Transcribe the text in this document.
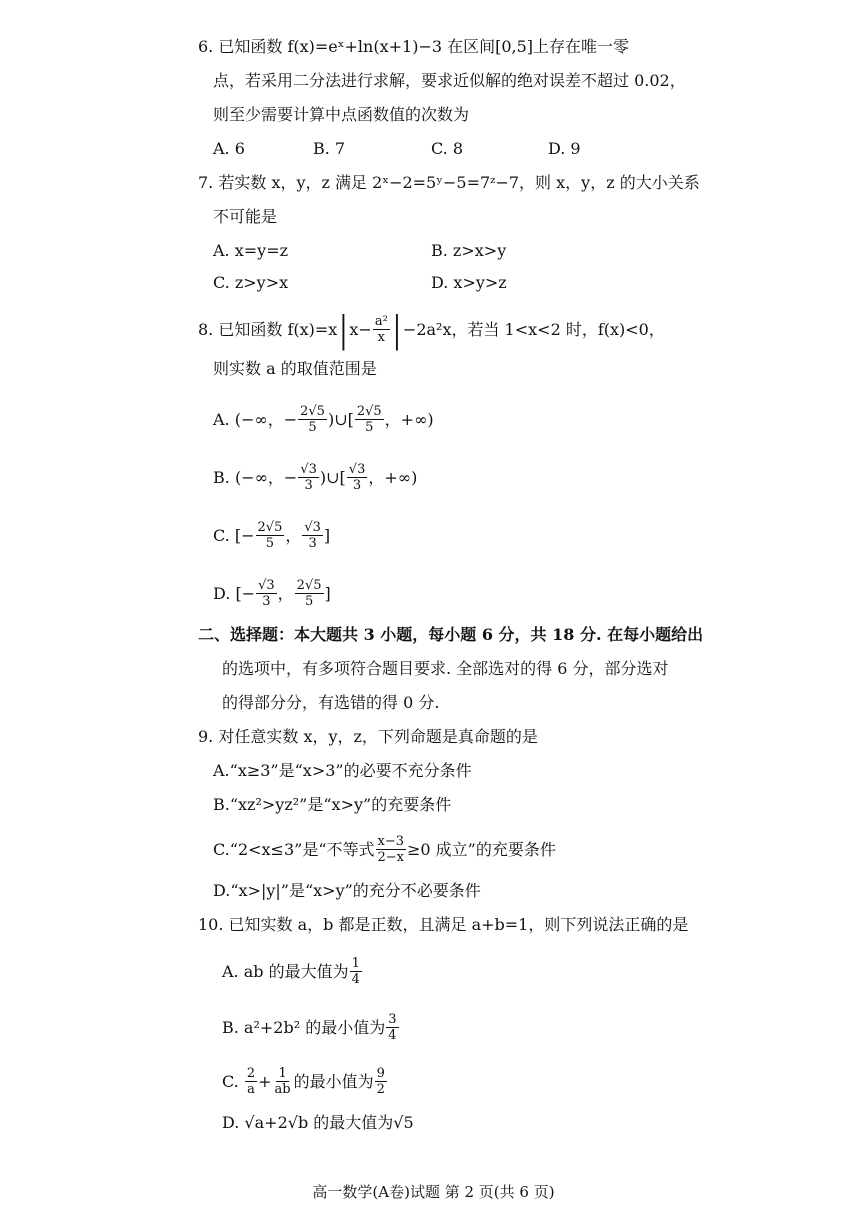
6. 已知函数 f(x)=eˣ+ln(x+1)−3 在区间[0,5]上存在唯一零
点，若采用二分法进行求解，要求近似解的绝对误差不超过 0.02，
则至少需要计算中点函数值的次数为
A. 6	B. 7	C. 8	D. 9
7. 若实数 x，y，z 满足 2ˣ−2=5ʸ−5=7ᶻ−7，则 x，y，z 的大小关系
不可能是
A. x=y=z	B. z>x>y
C. z>y>x	D. x>y>z
8. 已知函数 f(x)=x | $x- \frac{\text{a²}}{x}$ | −2a²x，若当 1<x<2 时，f(x)<0，
则实数 a 的取值范围是
A.
(−∞，− $\frac{2√5}{5}$ )∪[ $\frac{2√5}{5}$ ，+∞)
B.
(−∞，− $\frac{√3}{3}$ )∪[ $\frac{√3}{3}$ ，+∞)
C.
[− $\frac{2√5}{5}$ ， $\frac{√3}{3}$ ]
D.
[− $\frac{√3}{3}$ ， $\frac{2√5}{5}$ ]
二、选择题：本大题共 3 小题，每小题 6 分，共 18 分. 在每小题给出
的选项中，有多项符合题目要求. 全部选对的得 6 分，部分选对
的得部分分，有选错的得 0 分.
9. 对任意实数 x，y，z，下列命题是真命题的是
A.“x≥3”是“x>3”的必要不充分条件
B.“xz²>yz²”是“x>y”的充要条件
C.“2<x≤3”是“不等式 $\frac{x-3}{2-x} \ge 0$ 成立”的充要条件
D.“x>|y|”是“x>y”的充分不必要条件
10. 已知实数 a，b 都是正数，且满足 a+b=1，则下列说法正确的是
A. ab 的最大值为 $\frac{1}{4}$
B. a²+2b² 的最小值为 $\frac{3}{4}$
C.
$\frac{2}{a} + \frac{1}{ab}$ 的最小值为 $\frac{9}{2}$
D. √a+2√b 的最大值为√5
高一数学(A卷)试题 第 2 页(共 6 页)
